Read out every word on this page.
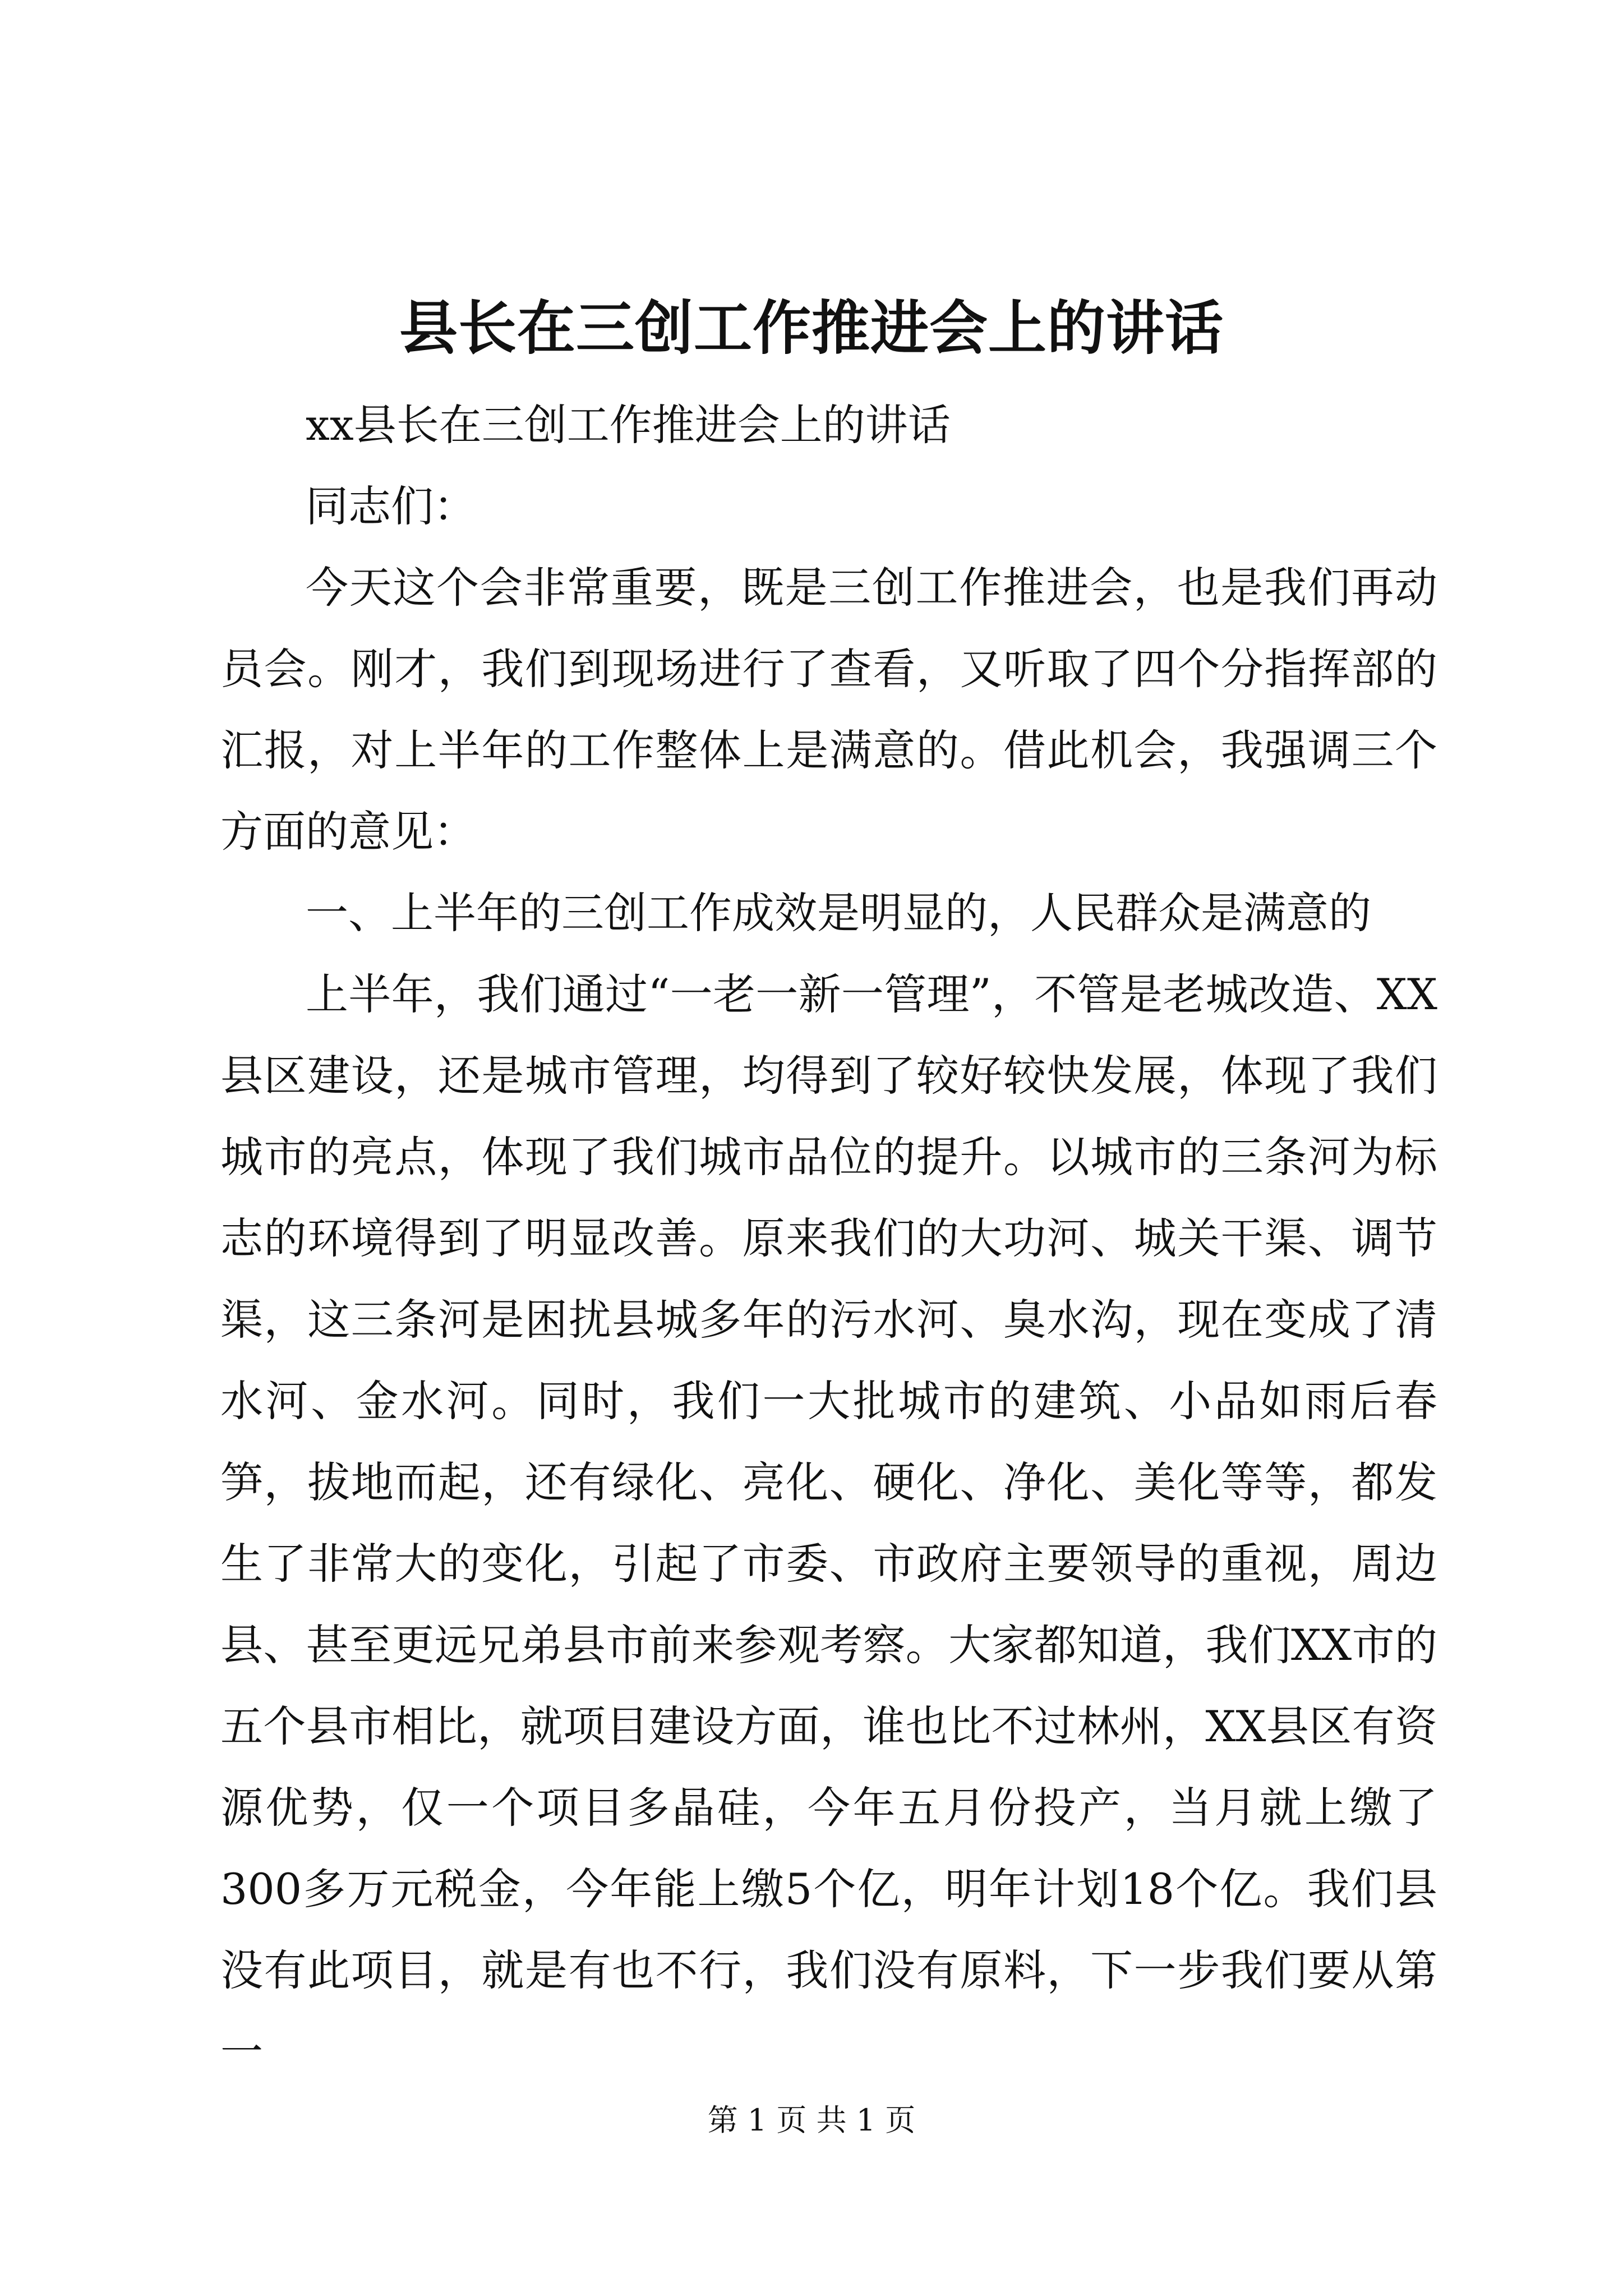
县长在三创工作推进会上的讲话

xx县长在三创工作推进会上的讲话

同志们：

今天这个会非常重要，既是三创工作推进会，也是我们再动员会。刚才，我们到现场进行了查看，又听取了四个分指挥部的汇报，对上半年的工作整体上是满意的。借此机会，我强调三个方面的意见：

一、上半年的三创工作成效是明显的，人民群众是满意的

上半年，我们通过“一老一新一管理”，不管是老城改造、XX县区建设，还是城市管理，均得到了较好较快发展，体现了我们城市的亮点，体现了我们城市品位的提升。以城市的三条河为标志的环境得到了明显改善。原来我们的大功河、城关干渠、调节渠，这三条河是困扰县城多年的污水河、臭水沟，现在变成了清水河、金水河。同时，我们一大批城市的建筑、小品如雨后春笋，拔地而起，还有绿化、亮化、硬化、净化、美化等等，都发生了非常大的变化，引起了市委、市政府主要领导的重视，周边县、甚至更远兄弟县市前来参观考察。大家都知道，我们XX市的五个县市相比，就项目建设方面，谁也比不过林州，XX县区有资源优势，仅一个项目多晶硅，今年五月份投产，当月就上缴了300多万元税金，今年能上缴5个亿，明年计划18个亿。我们县没有此项目，就是有也不行，我们没有原料，下一步我们要从第一

第 1 页 共 1 页
